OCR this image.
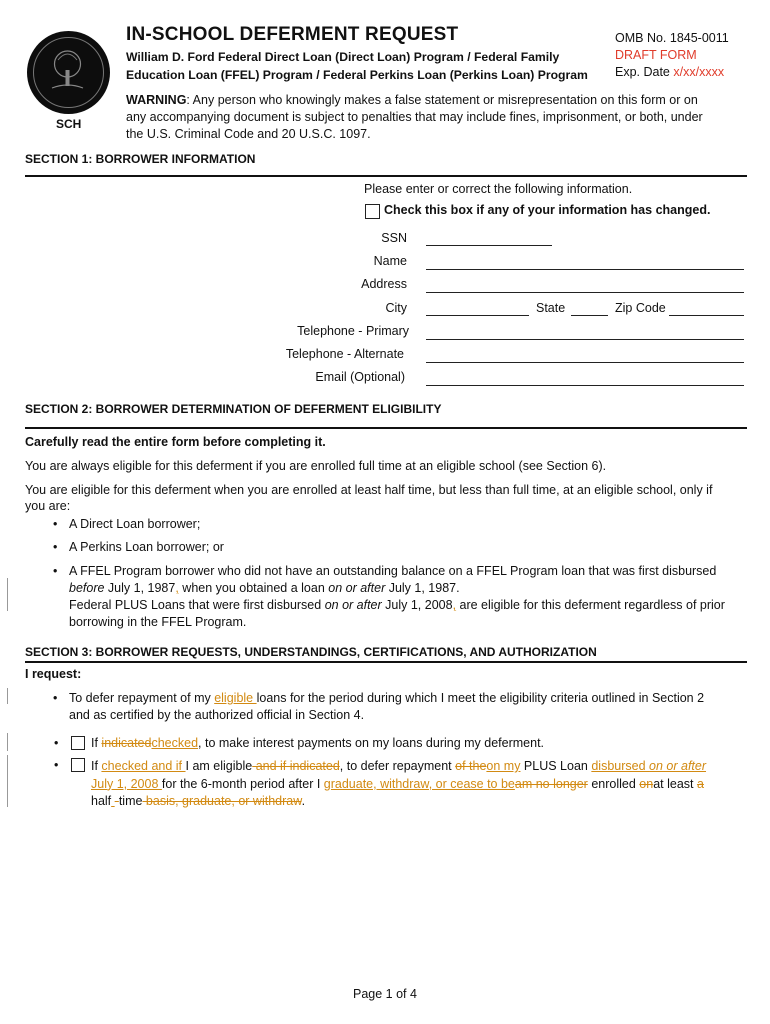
SCH
IN-SCHOOL DEFERMENT REQUEST
William D. Ford Federal Direct Loan (Direct Loan) Program / Federal Family
Education Loan (FFEL) Program / Federal Perkins Loan (Perkins Loan) Program
OMB No. 1845-0011
DRAFT FORM
Exp. Date x/xx/xxxx
WARNING: Any person who knowingly makes a false statement or misrepresentation on this form or on
any accompanying document is subject to penalties that may include fines, imprisonment, or both, under
the U.S. Criminal Code and 20 U.S.C. 1097.
SECTION 1: BORROWER INFORMATION
Please enter or correct the following information.
Check this box if any of your information has changed.
SSN
Name
Address
City	State	Zip Code
Telephone - Primary
Telephone - Alternate
Email (Optional)
SECTION 2: BORROWER DETERMINATION OF DEFERMENT ELIGIBILITY
Carefully read the entire form before completing it.
You are always eligible for this deferment if you are enrolled full time at an eligible school (see Section 6).
You are eligible for this deferment when you are enrolled at least half time, but less than full time, at an eligible school, only if
you are:
• A Direct Loan borrower;
• A Perkins Loan borrower; or
• A FFEL Program borrower who did not have an outstanding balance on a FFEL Program loan that was first disbursed
before July 1, 1987, when you obtained a loan on or after July 1, 1987.
Federal PLUS Loans that were first disbursed on or after July 1, 2008, are eligible for this deferment regardless of prior
borrowing in the FFEL Program.
SECTION 3: BORROWER REQUESTS, UNDERSTANDINGS, CERTIFICATIONS, AND AUTHORIZATION
I request:
• To defer repayment of my eligible loans for the period during which I meet the eligibility criteria outlined in Section 2
and as certified by the authorized official in Section 4.
•	If indicatedchecked, to make interest payments on my loans during my deferment.
•	If checked and if I am eligible and if indicated, to defer repayment of theon my PLUS Loan disbursed on or after
July 1, 2008 for the 6-month period after I graduate, withdraw, or cease to beam no longer enrolled onat least a
half -time basis, graduate, or withdraw.
Page 1 of 4
